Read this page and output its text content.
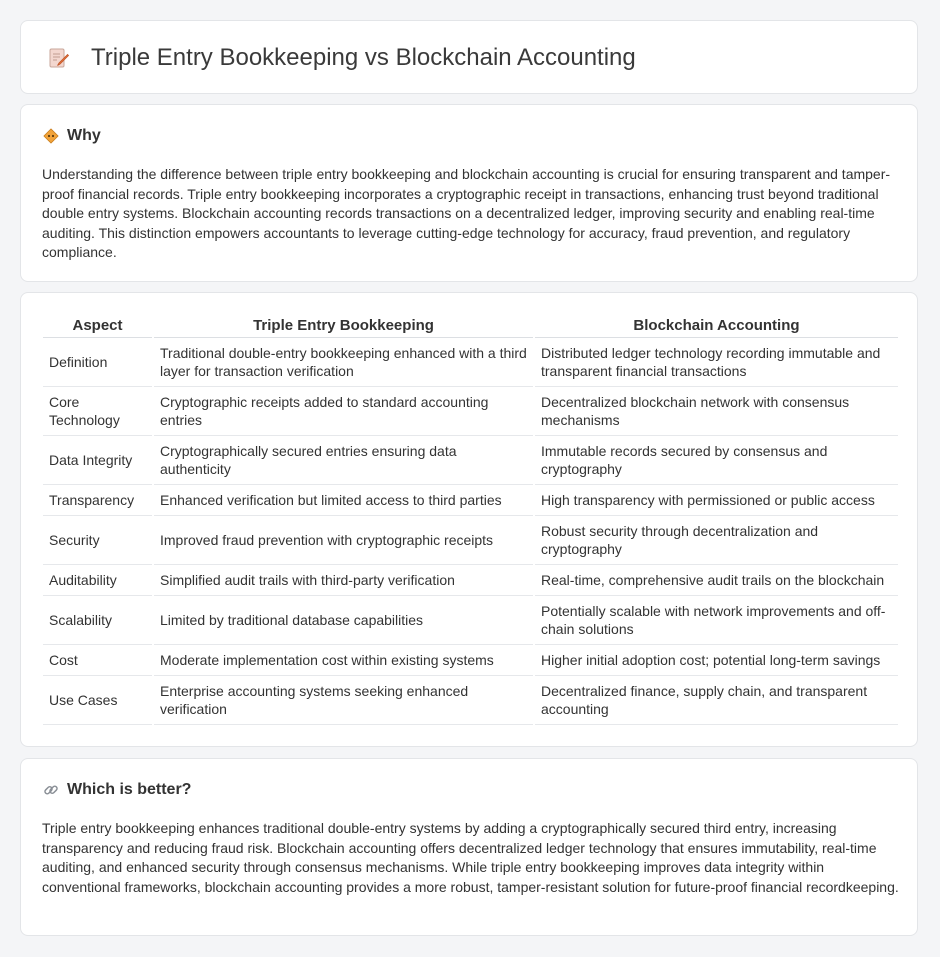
Triple Entry Bookkeeping vs Blockchain Accounting
Why

Understanding the difference between triple entry bookkeeping and blockchain accounting is crucial for ensuring transparent and tamper-proof financial records. Triple entry bookkeeping incorporates a cryptographic receipt in transactions, enhancing trust beyond traditional double entry systems. Blockchain accounting records transactions on a decentralized ledger, improving security and enabling real-time auditing. This distinction empowers accountants to leverage cutting-edge technology for accuracy, fraud prevention, and regulatory compliance.

Aspect	Triple Entry Bookkeeping	Blockchain Accounting
Definition	Traditional double-entry bookkeeping enhanced with a third layer for transaction verification	Distributed ledger technology recording immutable and transparent financial transactions
Core Technology	Cryptographic receipts added to standard accounting entries	Decentralized blockchain network with consensus mechanisms
Data Integrity	Cryptographically secured entries ensuring data authenticity	Immutable records secured by consensus and cryptography
Transparency	Enhanced verification but limited access to third parties	High transparency with permissioned or public access
Security	Improved fraud prevention with cryptographic receipts	Robust security through decentralization and cryptography
Auditability	Simplified audit trails with third-party verification	Real-time, comprehensive audit trails on the blockchain
Scalability	Limited by traditional database capabilities	Potentially scalable with network improvements and off-chain solutions
Cost	Moderate implementation cost within existing systems	Higher initial adoption cost; potential long-term savings
Use Cases	Enterprise accounting systems seeking enhanced verification	Decentralized finance, supply chain, and transparent accounting
Which is better?

Triple entry bookkeeping enhances traditional double-entry systems by adding a cryptographically secured third entry, increasing transparency and reducing fraud risk. Blockchain accounting offers decentralized ledger technology that ensures immutability, real-time auditing, and enhanced security through consensus mechanisms. While triple entry bookkeeping improves data integrity within conventional frameworks, blockchain accounting provides a more robust, tamper-resistant solution for future-proof financial recordkeeping.
